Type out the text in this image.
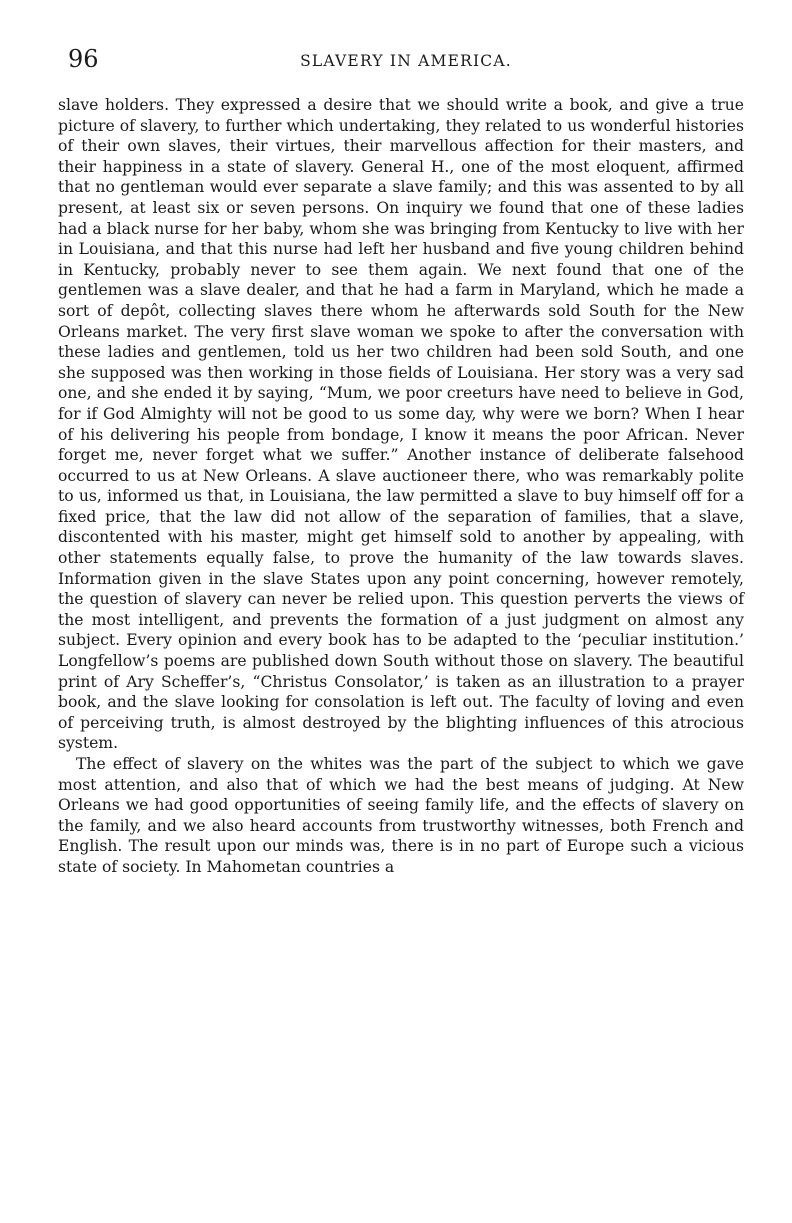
96	SLAVERY IN AMERICA.

slave holders. They expressed a desire that we should write a book, and give a true picture of slavery, to further which undertaking, they related to us wonderful histories of their own slaves, their virtues, their marvellous affection for their masters, and their happiness in a state of slavery. General H., one of the most eloquent, affirmed that no gentleman would ever separate a slave family; and this was assented to by all present, at least six or seven persons. On inquiry we found that one of these ladies had a black nurse for her baby, whom she was bringing from Kentucky to live with her in Louisiana, and that this nurse had left her husband and five young children behind in Kentucky, probably never to see them again. We next found that one of the gentlemen was a slave dealer, and that he had a farm in Maryland, which he made a sort of depôt, collecting slaves there whom he afterwards sold South for the New Orleans market. The very first slave woman we spoke to after the conversation with these ladies and gentlemen, told us her two children had been sold South, and one she supposed was then working in those fields of Louisiana. Her story was a very sad one, and she ended it by saying, “Mum, we poor creeturs have need to believe in God, for if God Almighty will not be good to us some day, why were we born? When I hear of his delivering his people from bondage, I know it means the poor African. Never forget me, never forget what we suffer.” Another instance of deliberate falsehood occurred to us at New Orleans. A slave auctioneer there, who was remarkably polite to us, informed us that, in Louisiana, the law permitted a slave to buy himself off for a fixed price, that the law did not allow of the separation of families, that a slave, discontented with his master, might get himself sold to another by appealing, with other statements equally false, to prove the humanity of the law towards slaves. Information given in the slave States upon any point concerning, however remotely, the question of slavery can never be relied upon. This question perverts the views of the most intelligent, and prevents the formation of a just judgment on almost any subject. Every opinion and every book has to be adapted to the ‘peculiar institution.’ Longfellow’s poems are published down South without those on slavery. The beautiful print of Ary Scheffer’s, “Christus Consolator,’ is taken as an illustration to a prayer book, and the slave looking for consolation is left out. The faculty of loving and even of perceiving truth, is almost destroyed by the blighting influences of this atrocious system.

The effect of slavery on the whites was the part of the subject to which we gave most attention, and also that of which we had the best means of judging. At New Orleans we had good opportunities of seeing family life, and the effects of slavery on the family, and we also heard accounts from trustworthy witnesses, both French and English. The result upon our minds was, there is in no part of Europe such a vicious state of society. In Mahometan countries a
